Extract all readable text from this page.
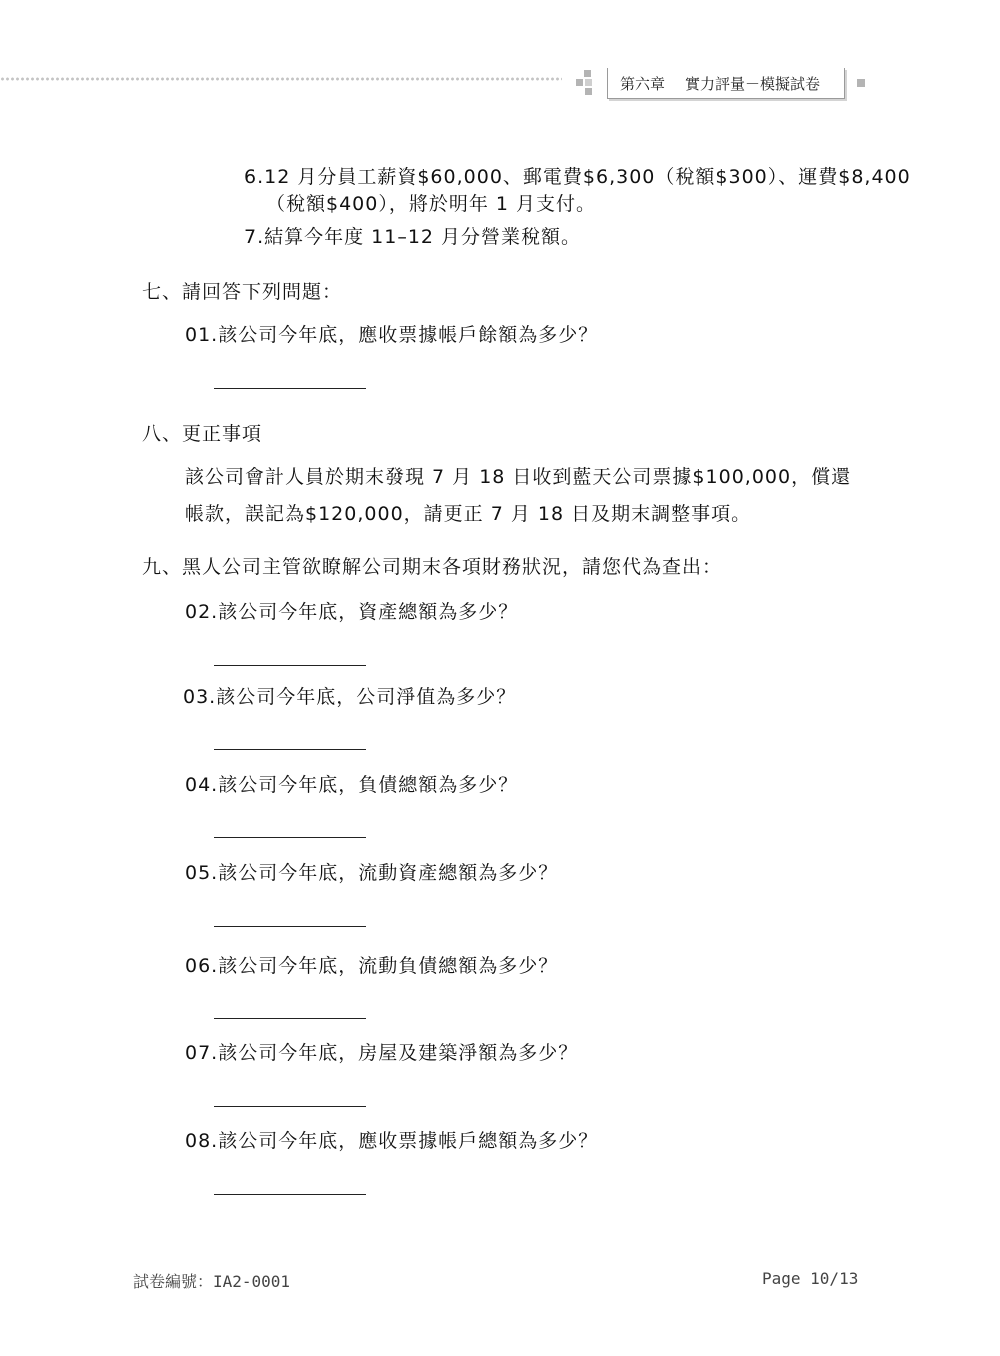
第六章 實力評量－模擬試卷
6.12 月分員工薪資$60,000、郵電費$6,300（稅額$300）、運費$8,400
（稅額$400），將於明年 1 月支付。
7.結算今年度 11–12 月分營業稅額。
七、請回答下列問題：
01.該公司今年底，應收票據帳戶餘額為多少？
八、更正事項
該公司會計人員於期末發現 7 月 18 日收到藍天公司票據$100,000，償還
帳款，誤記為$120,000，請更正 7 月 18 日及期末調整事項。
九、黑人公司主管欲瞭解公司期末各項財務狀況，請您代為查出：
02.該公司今年底，資產總額為多少？
03.該公司今年底，公司淨值為多少？
04.該公司今年底，負債總額為多少？
05.該公司今年底，流動資產總額為多少？
06.該公司今年底，流動負債總額為多少？
07.該公司今年底，房屋及建築淨額為多少？
08.該公司今年底，應收票據帳戶總額為多少？
試卷編號：IA2-0001	Page 10/13
